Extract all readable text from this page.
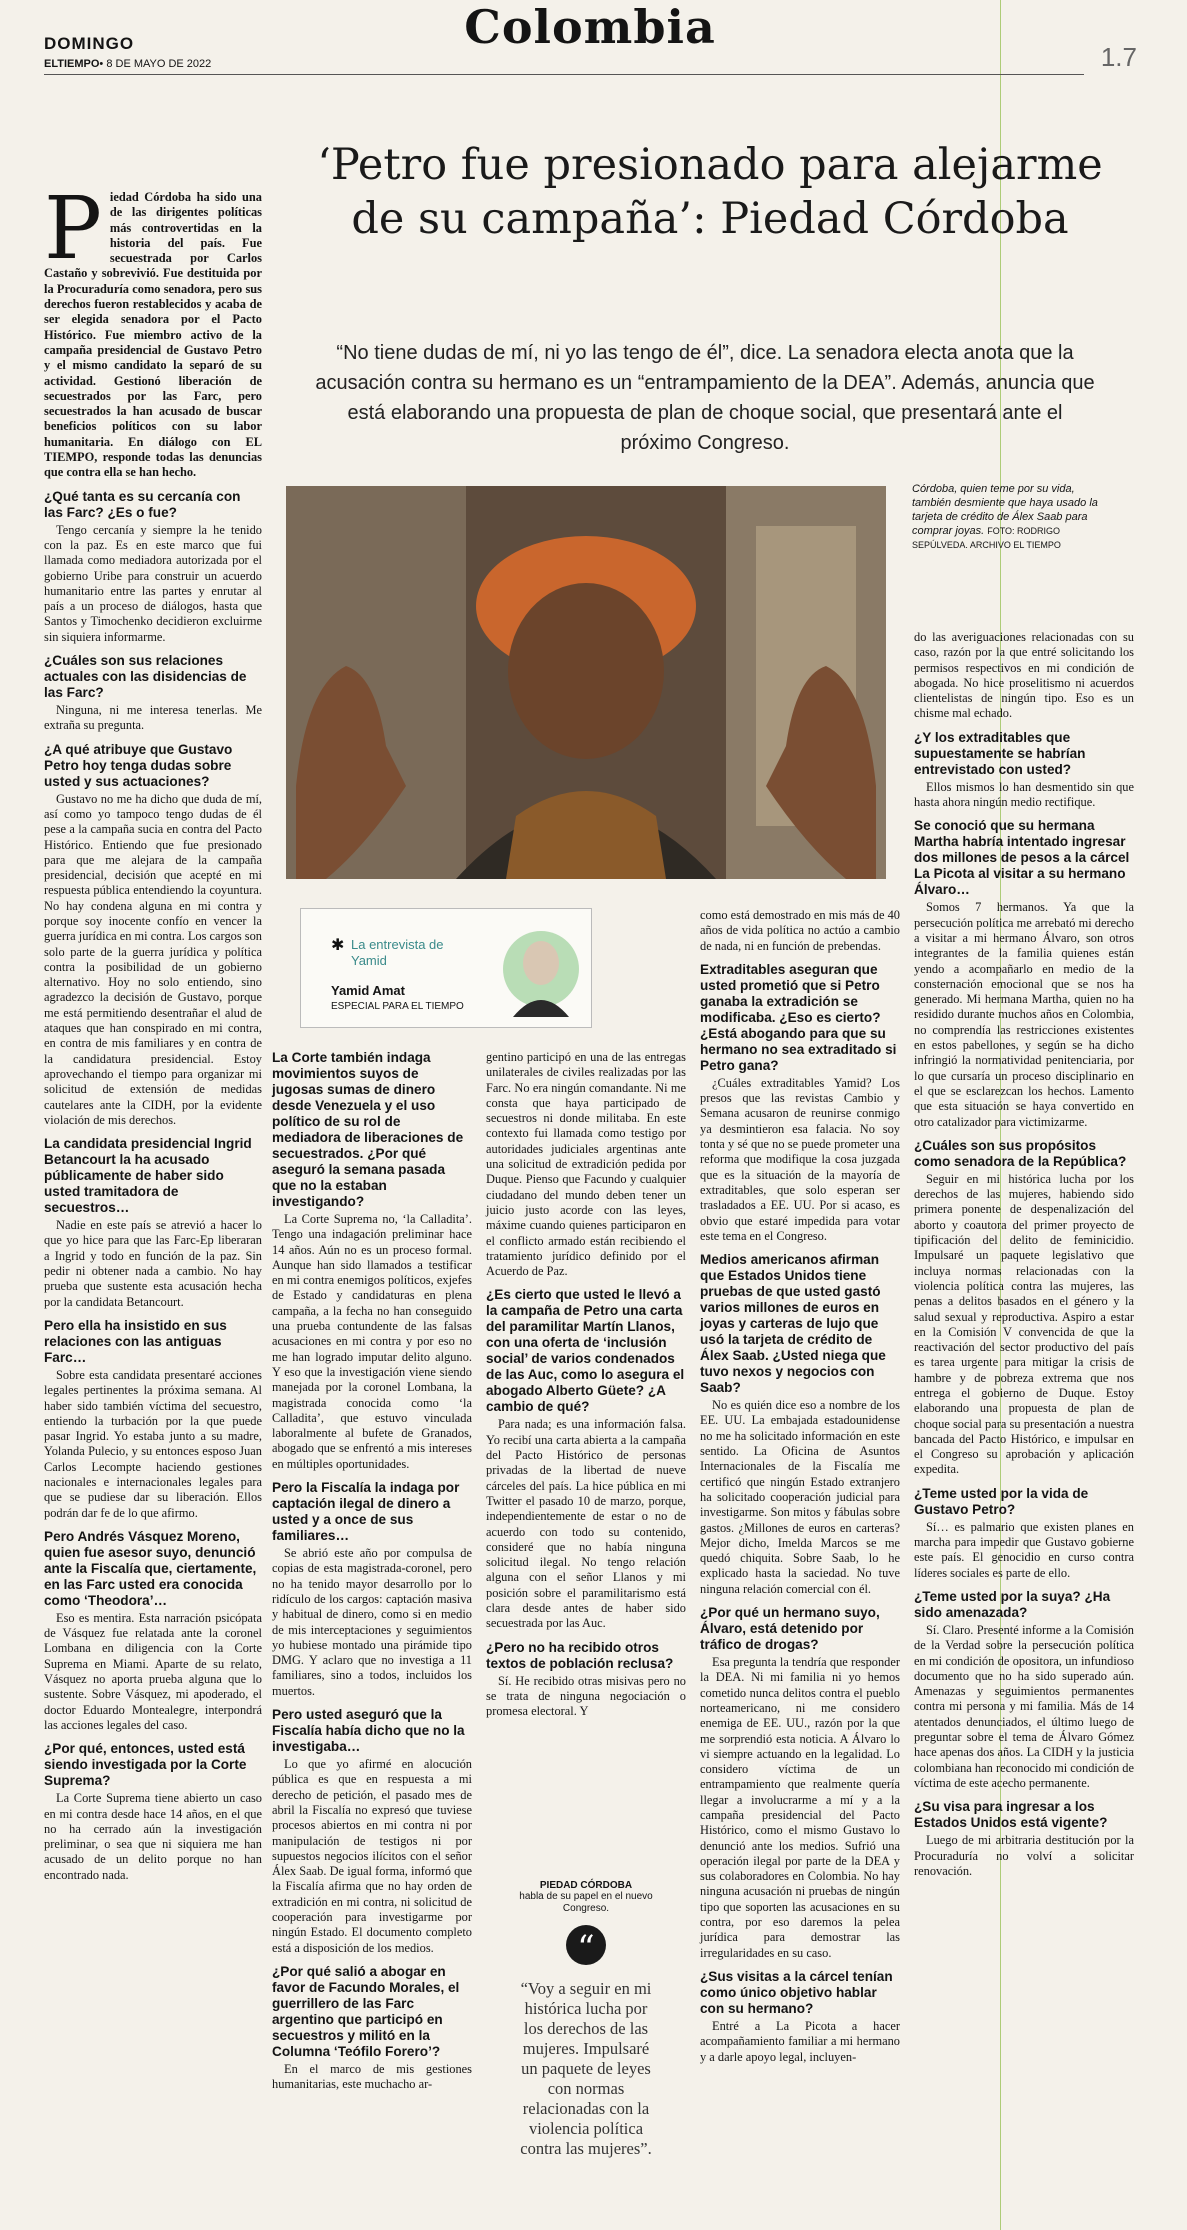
Colombia
DOMINGO
ELTIEMPO• 8 DE MAYO DE 2022	1.7
‘Petro fue presionado para alejarme de su campaña’: Piedad Córdoba
“No tiene dudas de mí, ni yo las tengo de él”, dice. La senadora electa anota que la acusación contra su hermano es un “entrampamiento de la DEA”. Además, anuncia que está elaborando una propuesta de plan de choque social, que presentará ante el próximo Congreso.
Córdoba, quien teme por su vida, también desmiente que haya usado la tarjeta de crédito de Álex Saab para comprar joyas. FOTO: RODRIGO SEPÚLVEDA. ARCHIVO EL TIEMPO
✱ La entrevista de Yamid
Yamid Amat
ESPECIAL PARA EL TIEMPO
P iedad Córdoba ha sido una de las dirigentes políticas más controvertidas en la historia del país. Fue secuestrada por Carlos Castaño y sobrevivió. Fue destituida por la Procuraduría como senadora, pero sus derechos fueron restablecidos y acaba de ser elegida senadora por el Pacto Histórico. Fue miembro activo de la campaña presidencial de Gustavo Petro y el mismo candidato la separó de su actividad. Gestionó liberación de secuestrados por las Farc, pero secuestrados la han acusado de buscar beneficios políticos con su labor humanitaria. En diálogo con EL TIEMPO, responde todas las denuncias que contra ella se han hecho.

¿Qué tanta es su cercanía con las Farc? ¿Es o fue?

Tengo cercanía y siempre la he tenido con la paz. Es en este marco que fui llamada como mediadora autorizada por el gobierno Uribe para construir un acuerdo humanitario entre las partes y enrutar al país a un proceso de diálogos, hasta que Santos y Timochenko decidieron excluirme sin siquiera informarme.

¿Cuáles son sus relaciones actuales con las disidencias de las Farc?

Ninguna, ni me interesa tenerlas. Me extraña su pregunta.

¿A qué atribuye que Gustavo Petro hoy tenga dudas sobre usted y sus actuaciones?

Gustavo no me ha dicho que duda de mí, así como yo tampoco tengo dudas de él pese a la campaña sucia en contra del Pacto Histórico. Entiendo que fue presionado para que me alejara de la campaña presidencial, decisión que acepté en mi respuesta pública entendiendo la coyuntura. No hay condena alguna en mi contra y porque soy inocente confío en vencer la guerra jurídica en mi contra. Los cargos son solo parte de la guerra jurídica y política contra la posibilidad de un gobierno alternativo. Hoy no solo entiendo, sino agradezco la decisión de Gustavo, porque me está permitiendo desentrañar el alud de ataques que han conspirado en mi contra, en contra de mis familiares y en contra de la candidatura presidencial. Estoy aprovechando el tiempo para organizar mi solicitud de extensión de medidas cautelares ante la CIDH, por la evidente violación de mis derechos.

La candidata presidencial Ingrid Betancourt la ha acusado públicamente de haber sido usted tramitadora de secuestros…

Nadie en este país se atrevió a hacer lo que yo hice para que las Farc-Ep liberaran a Ingrid y todo en función de la paz. Sin pedir ni obtener nada a cambio. No hay prueba que sustente esta acusación hecha por la candidata Betancourt.

Pero ella ha insistido en sus relaciones con las antiguas Farc…

Sobre esta candidata presentaré acciones legales pertinentes la próxima semana. Al haber sido también víctima del secuestro, entiendo la turbación por la que puede pasar Ingrid. Yo estaba junto a su madre, Yolanda Pulecio, y su entonces esposo Juan Carlos Lecompte haciendo gestiones nacionales e internacionales legales para que se pudiese dar su liberación. Ellos podrán dar fe de lo que afirmo.

Pero Andrés Vásquez Moreno, quien fue asesor suyo, denunció ante la Fiscalía que, ciertamente, en las Farc usted era conocida como ‘Theodora’…

Eso es mentira. Esta narración psicópata de Vásquez fue relatada ante la coronel Lombana en diligencia con la Corte Suprema en Miami. Aparte de su relato, Vásquez no aporta prueba alguna que lo sustente. Sobre Vásquez, mi apoderado, el doctor Eduardo Montealegre, interpondrá las acciones legales del caso.

¿Por qué, entonces, usted está siendo investigada por la Corte Suprema?

La Corte Suprema tiene abierto un caso en mi contra desde hace 14 años, en el que no ha cerrado aún la investigación preliminar, o sea que ni siquiera me han acusado de un delito porque no han encontrado nada.

La Corte también indaga movimientos suyos de jugosas sumas de dinero desde Venezuela y el uso político de su rol de mediadora de liberaciones de secuestrados. ¿Por qué aseguró la semana pasada que no la estaban investigando?

La Corte Suprema no, ‘la Calladita’. Tengo una indagación preliminar hace 14 años. Aún no es un proceso formal. Aunque han sido llamados a testificar en mi contra enemigos políticos, exjefes de Estado y candidaturas en plena campaña, a la fecha no han conseguido una prueba contundente de las falsas acusaciones en mi contra y por eso no me han logrado imputar delito alguno. Y eso que la investigación viene siendo manejada por la coronel Lombana, la magistrada conocida como ‘la Calladita’, que estuvo vinculada laboralmente al bufete de Granados, abogado que se enfrentó a mis intereses en múltiples oportunidades.

Pero la Fiscalía la indaga por captación ilegal de dinero a usted y a once de sus familiares…

Se abrió este año por compulsa de copias de esta magistrada-coronel, pero no ha tenido mayor desarrollo por lo ridículo de los cargos: captación masiva y habitual de dinero, como si en medio de mis interceptaciones y seguimientos yo hubiese montado una pirámide tipo DMG. Y aclaro que no investiga a 11 familiares, sino a todos, incluidos los muertos.

Pero usted aseguró que la Fiscalía había dicho que no la investigaba…

Lo que yo afirmé en alocución pública es que en respuesta a mi derecho de petición, el pasado mes de abril la Fiscalía no expresó que tuviese procesos abiertos en mi contra ni por manipulación de testigos ni por supuestos negocios ilícitos con el señor Álex Saab. De igual forma, informó que la Fiscalía afirma que no hay orden de extradición en mi contra, ni solicitud de cooperación para investigarme por ningún Estado. El documento completo está a disposición de los medios.

¿Por qué salió a abogar en favor de Facundo Morales, el guerrillero de las Farc argentino que participó en secuestros y militó en la Columna ‘Teófilo Forero’?

En el marco de mis gestiones humanitarias, este muchacho ar-

gentino participó en una de las entregas unilaterales de civiles realizadas por las Farc. No era ningún comandante. Ni me consta que haya participado de secuestros ni donde militaba. En este contexto fui llamada como testigo por autoridades judiciales argentinas ante una solicitud de extradición pedida por Duque. Pienso que Facundo y cualquier ciudadano del mundo deben tener un juicio justo acorde con las leyes, máxime cuando quienes participaron en el conflicto armado están recibiendo el tratamiento jurídico definido por el Acuerdo de Paz.

¿Es cierto que usted le llevó a la campaña de Petro una carta del paramilitar Martín Llanos, con una oferta de ‘inclusión social’ de varios condenados de las Auc, como lo asegura el abogado Alberto Güete? ¿A cambio de qué?

Para nada; es una información falsa. Yo recibí una carta abierta a la campaña del Pacto Histórico de personas privadas de la libertad de nueve cárceles del país. La hice pública en mi Twitter el pasado 10 de marzo, porque, independientemente de estar o no de acuerdo con todo su contenido, consideré que no había ninguna solicitud ilegal. No tengo relación alguna con el señor Llanos y mi posición sobre el paramilitarismo está clara desde antes de haber sido secuestrada por las Auc.

¿Pero no ha recibido otros textos de población reclusa?

Sí. He recibido otras misivas pero no se trata de ninguna negociación o promesa electoral. Y

PIEDAD CÓRDOBA
habla de su papel en el nuevo Congreso.
“
“Voy a seguir en mi histórica lucha por los derechos de las mujeres. Impulsaré un paquete de leyes con normas relacionadas con la violencia política contra las mujeres”.

como está demostrado en mis más de 40 años de vida política no actúo a cambio de nada, ni en función de prebendas.

Extraditables aseguran que usted prometió que si Petro ganaba la extradición se modificaba. ¿Eso es cierto? ¿Está abogando para que su hermano no sea extraditado si Petro gana?

¿Cuáles extraditables Yamid? Los presos que las revistas Cambio y Semana acusaron de reunirse conmigo ya desmintieron esa falacia. No soy tonta y sé que no se puede prometer una reforma que modifique la cosa juzgada que es la situación de la mayoría de extraditables, que solo esperan ser trasladados a EE. UU. Por si acaso, es obvio que estaré impedida para votar este tema en el Congreso.

Medios americanos afirman que Estados Unidos tiene pruebas de que usted gastó varios millones de euros en joyas y carteras de lujo que usó la tarjeta de crédito de Álex Saab. ¿Usted niega que tuvo nexos y negocios con Saab?

No es quién dice eso a nombre de los EE. UU. La embajada estadounidense no me ha solicitado información en este sentido. La Oficina de Asuntos Internacionales de la Fiscalía me certificó que ningún Estado extranjero ha solicitado cooperación judicial para investigarme. Son mitos y fábulas sobre gastos. ¿Millones de euros en carteras? Mejor dicho, Imelda Marcos se me quedó chiquita. Sobre Saab, lo he explicado hasta la saciedad. No tuve ninguna relación comercial con él.

¿Por qué un hermano suyo, Álvaro, está detenido por tráfico de drogas?

Esa pregunta la tendría que responder la DEA. Ni mi familia ni yo hemos cometido nunca delitos contra el pueblo norteamericano, ni me considero enemiga de EE. UU., razón por la que me sorprendió esta noticia. A Álvaro lo vi siempre actuando en la legalidad. Lo considero víctima de un entrampamiento que realmente quería llegar a involucrarme a mí y a la campaña presidencial del Pacto Histórico, como el mismo Gustavo lo denunció ante los medios. Sufrió una operación ilegal por parte de la DEA y sus colaboradores en Colombia. No hay ninguna acusación ni pruebas de ningún tipo que soporten las acusaciones en su contra, por eso daremos la pelea jurídica para demostrar las irregularidades en su caso.

¿Sus visitas a la cárcel tenían como único objetivo hablar con su hermano?

Entré a La Picota a hacer acompañamiento familiar a mi hermano y a darle apoyo legal, incluyen-

do las averiguaciones relacionadas con su caso, razón por la que entré solicitando los permisos respectivos en mi condición de abogada. No hice proselitismo ni acuerdos clientelistas de ningún tipo. Eso es un chisme mal echado.

¿Y los extraditables que supuestamente se habrían entrevistado con usted?

Ellos mismos lo han desmentido sin que hasta ahora ningún medio rectifique.

Se conoció que su hermana Martha habría intentado ingresar dos millones de pesos a la cárcel La Picota al visitar a su hermano Álvaro…

Somos 7 hermanos. Ya que la persecución política me arrebató mi derecho a visitar a mi hermano Álvaro, son otros integrantes de la familia quienes están yendo a acompañarlo en medio de la consternación emocional que se nos ha generado. Mi hermana Martha, quien no ha residido durante muchos años en Colombia, no comprendía las restricciones existentes en estos pabellones, y según se ha dicho infringió la normatividad penitenciaria, por lo que cursaría un proceso disciplinario en el que se esclarezcan los hechos. Lamento que esta situación se haya convertido en otro catalizador para victimizarme.

¿Cuáles son sus propósitos como senadora de la República?

Seguir en mi histórica lucha por los derechos de las mujeres, habiendo sido primera ponente de despenalización del aborto y coautora del primer proyecto de tipificación del delito de feminicidio. Impulsaré un paquete legislativo que incluya normas relacionadas con la violencia política contra las mujeres, las penas a delitos basados en el género y la salud sexual y reproductiva. Aspiro a estar en la Comisión V convencida de que la reactivación del sector productivo del país es tarea urgente para mitigar la crisis de hambre y de pobreza extrema que nos entrega el gobierno de Duque. Estoy elaborando una propuesta de plan de choque social para su presentación a nuestra bancada del Pacto Histórico, e impulsar en el Congreso su aprobación y aplicación expedita.

¿Teme usted por la vida de Gustavo Petro?

Sí… es palmario que existen planes en marcha para impedir que Gustavo gobierne este país. El genocidio en curso contra líderes sociales es parte de ello.

¿Teme usted por la suya? ¿Ha sido amenazada?

Sí. Claro. Presenté informe a la Comisión de la Verdad sobre la persecución política en mi condición de opositora, un infundioso documento que no ha sido superado aún. Amenazas y seguimientos permanentes contra mi persona y mi familia. Más de 14 atentados denunciados, el último luego de preguntar sobre el tema de Álvaro Gómez hace apenas dos años. La CIDH y la justicia colombiana han reconocido mi condición de víctima de este acecho permanente.

¿Su visa para ingresar a los Estados Unidos está vigente?

Luego de mi arbitraria destitución por la Procuraduría no volví a solicitar renovación.
